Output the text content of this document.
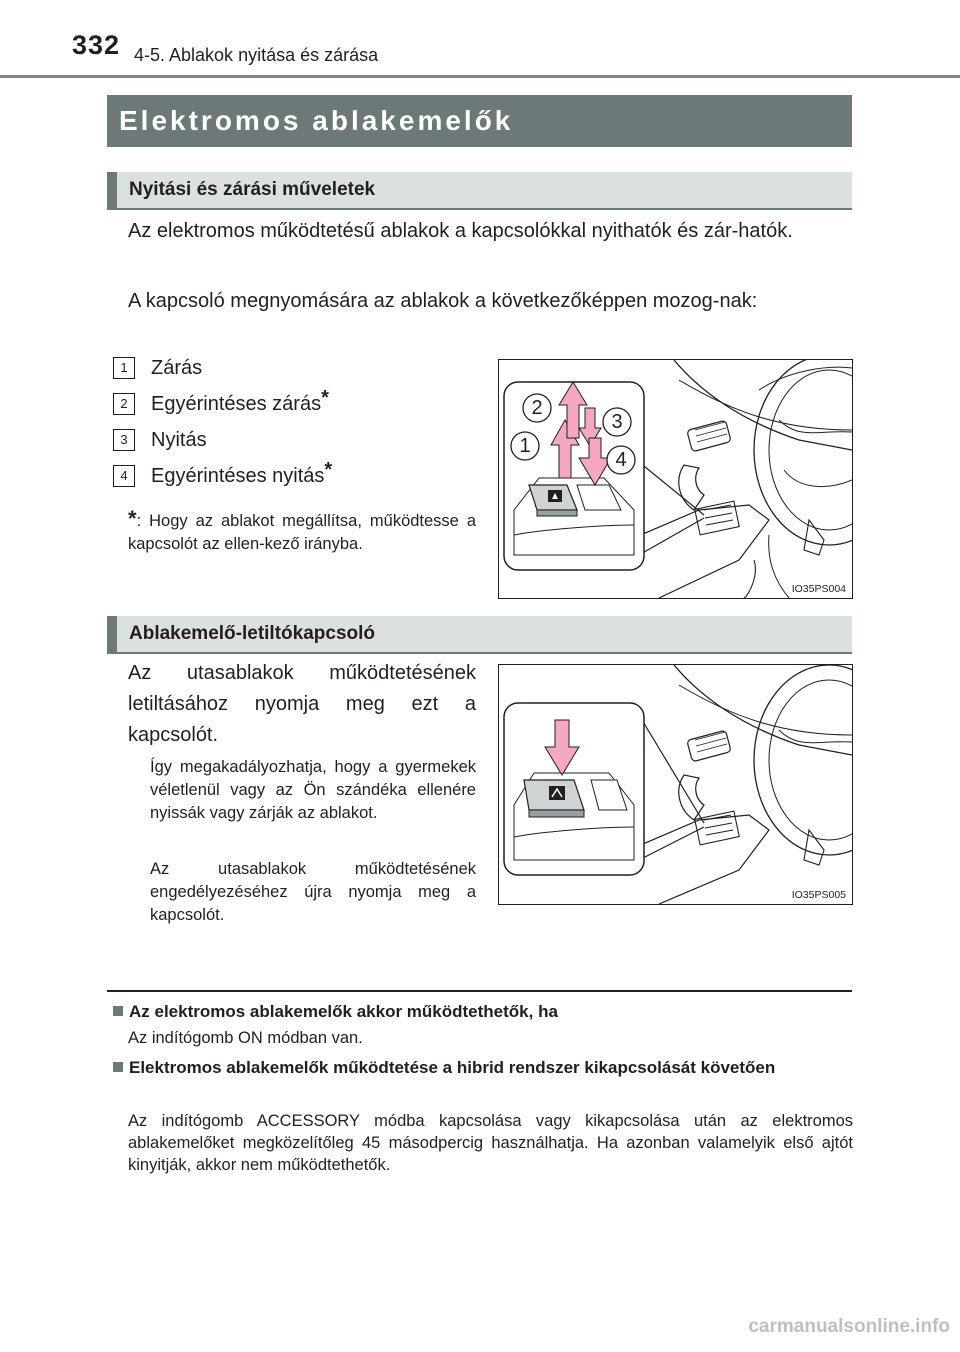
332 4-5. Ablakok nyitása és zárása
Elektromos ablakemelők
Nyitási és zárási műveletek
Az elektromos működtetésű ablakok a kapcsolókkal nyithatók és zár-hatók.
A kapcsoló megnyomására az ablakok a következőképpen mozog-nak:
1	Zárás
2	Egyérintéses zárás*
3	Nyitás
4	Egyérintéses nyitás*
*: Hogy az ablakot megállítsa, működtesse a kapcsolót az ellen-kező irányba.
2
3
1
4
IO35PS004
Ablakemelő-letiltókapcsoló
Az utasablakok működtetésének letiltásához nyomja meg ezt a kapcsolót.
Így megakadályozhatja, hogy a gyermekek véletlenül vagy az Ön szándéka ellenére nyissák vagy zárják az ablakot.
Az utasablakok működtetésének engedélyezéséhez újra nyomja meg a kapcsolót.
IO35PS005
Az elektromos ablakemelők akkor működtethetők, ha
Az indítógomb ON módban van.
Elektromos ablakemelők működtetése a hibrid rendszer kikapcsolását követően
Az indítógomb ACCESSORY módba kapcsolása vagy kikapcsolása után az elektromos ablakemelőket megközelítőleg 45 másodpercig használhatja. Ha azonban valamelyik első ajtót kinyitják, akkor nem működtethetők.
carmanualsonline.info
